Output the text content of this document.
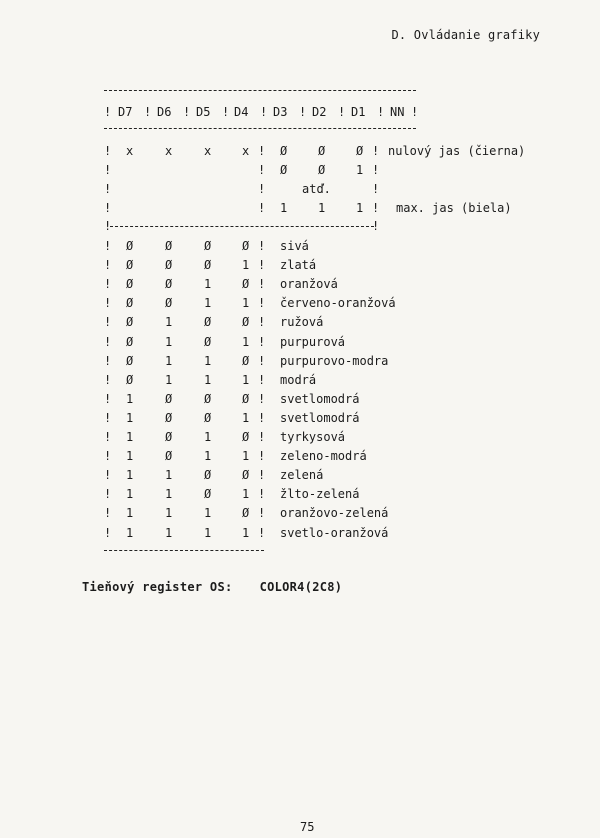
D. Ovládanie grafiky
! D7 ! D6 ! D5 ! D4 ! D3 ! D2 ! D1 ! NN !
! x	x	x	x ! Ø	Ø	Ø ! nulový jas (čierna)
!	! Ø	Ø	1 !
!	!	atď.	!
!	! 1	1	1 ! max. jas (biela)
!	!
! Ø	Ø	Ø	Ø ! sivá
! Ø	Ø	Ø	1 ! zlatá
! Ø	Ø	1	Ø ! oranžová
! Ø	Ø	1	1 ! červeno-oranžová
! Ø	1	Ø	Ø ! ružová
! Ø	1	Ø	1 ! purpurová
! Ø	1	1	Ø ! purpurovo-modra
! Ø	1	1	1 ! modrá
! 1	Ø	Ø	Ø ! svetlomodrá
! 1	Ø	Ø	1 ! svetlomodrá
! 1	Ø	1	Ø ! tyrkysová
! 1	Ø	1	1 ! zeleno-modrá
! 1	1	Ø	Ø ! zelená
! 1	1	Ø	1 ! žlto-zelená
! 1	1	1	Ø ! oranžovo-zelená
! 1	1	1	1 ! svetlo-oranžová
Tieňový register OS: COLOR4(2C8)
75
